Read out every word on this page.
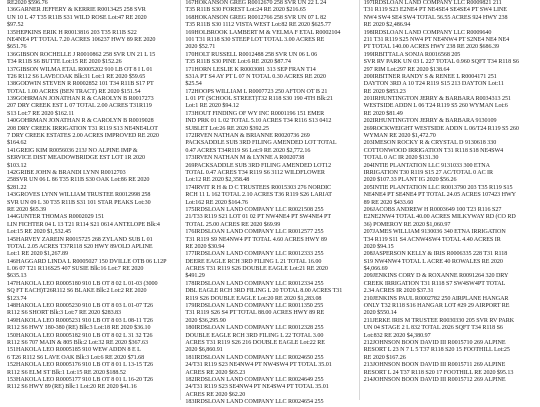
RE2020 $596.76
136GARNER JEFFERY & KERRIE R0013425 258 SVR
UN 10 L 47 T35 R11B S31 WILD ROSE Lot:47 RE 2020
$97.52
135HEPKINS ERIK H R0013816 203 T35 R11B S22
NE4NE4 PT TOTAL 7.20 ACRES 106237 HWY 89 RE 2020
$651.76
136GIBSON ROCHELLE J R0010862 258 SVR UN 21 L 15
T34 R11B S6 BUTTE Lot:15 RE 2020 $152.26
137GIBSON WILMA ETAL R0005202 910 LB OT 8 I L 01
T26 R112 S6 LAVECOAK Blk:31 Lot:1 RE 2020 $59.65
138GODWIN STEVEN R R0002852 101 T34 R11B S17 PT
TOTAL 1.00 ACRES (BEN TRACT) RE 2020 $151.54
139GOHRMAN JONATHAN R & CAROLYN B R0017273
207 DRY CREEK EST L 07 TOTAL 2.00 ACRES T31R119
S13 Lot:7 RE 2020 $162.11
140GOHRMAN JONATHAN R & CAROLYN B R0019028
208 DRY CREEK IRRIGATION T31 R119 S13 NE4NE4LOT
7 DRY CREEK ESTATES 2.00 ACRES IMPROVED RE 2020
$164.62
141GREIG KIM R0056036 213J NO ALPINE IMP &
SERVICE DIST MEADOWBRIDGE EST LOT 1R 2020
$103.12
142GRIBE JOHN & BRANDI LYNN R0012703
258SVR UN 06 L 86 T35 R11B S30 OAK Lot:86 RE 2020
$281.22
143GROVES LYNN WILLIAM TRUSTEE R0012998 258
SVR UN 09 L 30 T35 R11B S31 101 STAR PEAKS Lot:30
RE 2020 $65.39
144GUNTER THOMAS R0002029 151
LIN FICHTER 04 L 13 T21 R114 S21 0614 ANTELOPE Blk:4
Lot:15 RE 2020 $1,532.45
145HARVEY ZAREIN R0015725 268 ZYLAND SUB L 01
TOTAL 2.05 ACRES T37R118 S20 HWY 89/OLD APLINE
Lot:1 RE 2020 $1,267.89
146HAGGARD LINDA L R0005027 150 DVILLE OTB 06 L12P
L 06 07 T21 R116S25 407 SUSIE Blk:16 Lot:7 RE 2020
$635.13
147HAKOLA LEO R0005180 910 LB OT 8 02 L 01-03 (3000
SQ FT EACH)T26R112 S6 BLAKE Blk:2 Lot:2 RE 2020
$123.74
148HAKOLA LEO R0005230 910 LB OT 8 03 L 01-07 T26
R112 S6 SHORT Blk:3 Lot:7 RE 2020 $283.83
149HAKOLA LEO R0005231 910 LB OT 8 03 L 08-11 T26
R112 S6 HWY 180-380 (RE) Blk:3 Lot:18 RE 2020 $36.10
150HAKOLA LEO R0005182 910 LB OT 8 02 L 31 32 T26
R112 S6 707 MAIN & 805 Blk:2 Lot:32 RE 2020 $367.63
151HAKOLA LEO R0005185 910 WEW ADDN 8 E L
6 T26 R112 S6 LAVE OAK Blk:3 Lot:6 RE 2020 $71.68
152HAKOLA LEO R0005176 910 LB OT 8 01 L 13-15 T26
R112 S6 ELM ST Blk:1 Lot:15 RE 2020 $188.52
153HAKOLA LEO R0005177 910 LB OT 8 01 L 16-20 T26
R112 S6 HWY 89 (RE) Blk:1 Lot:20 RE 2020 $41.16
167HOKANSON GREG R0012670 258 SVR UN 22 L 24
T35 R11B S30 FOREST Lot:24 RE 2020 $216.65
168HOKANSON GREG R0012766 258 SVR UN 07 L 82
T35 R11B S30 1112 VISTA WEST Lot:82 RE 2020 $625.77
169HOLBROOK LAMBERT M & VELMA F ETAL R0002104
101 T31 R118 S30 STEEP LOT TOTAL 3.00 ACRES RE
2020 $52.71
170HOLT RUSSELL R0012488 258 SVR UN 06 L 06
T35 R11B S30 PINE Lot:6 RE 2020 $87.74
171HORN LESLIE K R0003081 313 SEP FRAN T14
S31A PT S4 AY PT L 07 N TOTAL 0.30 ACRES RE 2020
$25.54
172HOOPS WILLIAM L R0007723 250 AFTON OT B 21
L 01 PT (SCHOOL STREET)T32 R118 S30 190 4TH Blk:21
Lot:1 RE 2020 $94.12
173HOUT FINDING OF WY INC R0001196 151 EMER
IND PRK 01 L 02 TOTAL 5.10 ACRES T34 R116 S13 0412
SUBLET Lot:26 RE 2020 $392.25
172IRVEN NATHAN & BRIANNE R0020736 269
PACKSADDLE SUB 3RD FILING AMENDED LOT TOTAL
0.47 ACRES T34R119 S6 Lot:9 RE 2020 $2,772.16
173IRVEN NATHAN M & LYNNE A R0020738
269PACKSADDLE SUB 3RD FILING AMENDED LOT12
TOTAL 0.47 ACRES T34 R119 S6 3112 WILDFLOWER
Lot:12 RE 2020 $2,358.48
174IRVIT R H & D C TRUSTEES R0015303 276 NORDIC
RCH 11 L 162 TOTAL 2.10 ACRES T36 R119 S26 LARIAT
Lot:162 RE 2020 $164.76
175IRDSLOAN LAND COMPANY LLC R0021508 255
21/T33 R119 S21 LOT 01 02 PT NW4NE4 PT SW4NE4 PT
TOTAL 25.00 ACRES RE 2020 $69.99
176IRDSLOAN LAND COMPANY LLC R0012577 255
T31 R119 S9 NE4NW4 PT TOTAL 4.60 ACRES HWY 89
RE 2020 $30.94
177IRDSLOAN LAND COMPANY LLC R0012333 255
DEERE EAGLE RCH 3RD FILING L 21 TOTAL 16.00
ACRES T31 R119 S26 DOUBLE EAGLE Lot:21 RE 2020
$491.29
178IRDSLOAN LAND COMPANY LLC R0012334 255
DBL EAGLE RCH 3RD FILING L 20 TOTAL 8.00 ACRES T31
R119 S26 DOUBLE EAGLE Lot:20 RE 2020 $1,283.08
179IRDSLOAN LAND COMPANY LLC R0011350 255
T31 R119 S26 S4 PT TOTAL 88.00 ACRES HWY 89 RE
2020 $36,295.90
180IRDSLOAN LAND COMPANY LLC R0012328 255
DOUBLE EAGLE RCH 3RD FILING L 22 TOTAL 3.00
ACRES T31 R119 S26 216 DOUBLE EAGLE Lot:22 RE
2020 $6,860.91
181IRDSLOAN LAND COMPANY LLC R0024650 255
24/T31 R119 S23 NE4NW4 PT NW4SW4 PT TOTAL 35.01
ACRES RE 2020 $65.23
182IRDSLOAN LAND COMPANY LLC R0024649 255
24/T31 R119 S23 SE4NW4 PT NE4SW4 PT TOTAL 35.01
ACRES RE 2020 $62.20
183IRDSLOAN LAND COMPANY LLC R0024654 255
197IRDSLOAN LAND COMPANY LLC R0009821 211
T31 R119 S23 E2NE4 PT NE4SE4 SE4SE4 PT SW4 LINE
NW4 SW4 SE4 SW4 TOTAL 56.55 ACRES 924 HWY 238
RE 2020 $2,486.94
198IRDSLOAN LAND COMPANY LLC R0009640
211 T31 R119 S25 NW4 PT NE4NW4 PT S2NE4 NE4 NE4
PT TOTAL 140.00 ACRES HWY 238 RE 2020 $686.39
199IRBITTALA SONJA R0016568 205
SVR RV PARK UN 03 L 227 TOTAL 0.960 SQFT T34 R118 S6
297 RIM Lot:297 RE 2020 $138.64
200IRBITNER RANDY S & RENEE L R0004171 251
DAYTON 3RD A 10 T24 R119 S15 213 DAYTON Lot:11
RE 2020 $853.23
201IRHUNTINGTON JERRY & BARBARA R0034313 251
WESTSIDE ADDN L 06 T24 R119 S5 260 WYMAN Lot:6
RE 2020 $81.49
202IRHUNTINGTON JERRY & BARBARA 9130109
269ROCKWEIGHT WESTSIDE ADDN L 06/T24 R119 S5 260
WYMAN RE 2020 $1,472.70
203IMESON ROCKY R & CRYSTAL D 9130618 330
COTTONWOOD IRRIGATION T31 R118 S18 NE4SW4
TOTAL 0 AC IR 2020 $131.30
204INTIE PLANTATION LLC 9131033 300 ETNA
IRRIGATION T30 R119 S15 27 AC/TOTAL 0 AC IR
2020 $107.33 PLANT IG 2020 $56.26
205INTIE PLANTATION LLC R0013790 203 T35 R119 S15
NE4NE4 PT SE4NE4 PT TOTAL 24.05 ACRES 107423 HWY
89 RE 2020 $433.60
206JACOBS ANDREW H R0003649 100 T23 R116 S27
E2NE2NW4 TOTAL 40.00 ACRES MILKYWAY RD (CO RD
36) POMEROY RE 2020 $1,060.97
207JAMES WILLIAM 9130036 340 ETNA IRRIGATION
T34 R119 S11 S4 ACNW4SW4 TOTAL 4.40 ACRES IR
2020 $94.15
208JASPERSON KELLY & IRIS R0006335 228 T31 R118
S19 NW4NW4 TOTAL L ACRE 40 ROWALES RE 2020
$4,066.69
209JENKINS CORY D & ROXANNE R0091264 320 DRY
CREEK IRRIGATION T31 R118 S7 SW4SW4PT TOTAL
2.34 ACRES IR 2020 $37.31
210JENKINS PAUL R0002782 250 AIRPLANE HANGAR
ONLY T32 R118 S16 HANGAR LOT #29 29 AIRPORT RE
2020 $550.14
211JERKE IRIS M TRUSTEE R0030330 205 SVR RV PARK
UN 04 STAGE 2 L 832 TOTAL 2026 SQFT T34 R118 S6
Lot:832 RE 2020 $4,380.97
212JOHNSON BOON DAVID III R0015710 269 ALPINE
RESORT L 23 N 7 L 5 T37 R118 S20 15 FOOTHILL Lot:25
RE 2020 $167.26
213JOHNSON BOON DAVID III R0015711 269 ALPINE
RESORT L 24 T37 R118 S20 17 FOOTHILL RE 2020 $95.13
214JOHNSON BOON DAVID III R0015712 269 ALPINE
